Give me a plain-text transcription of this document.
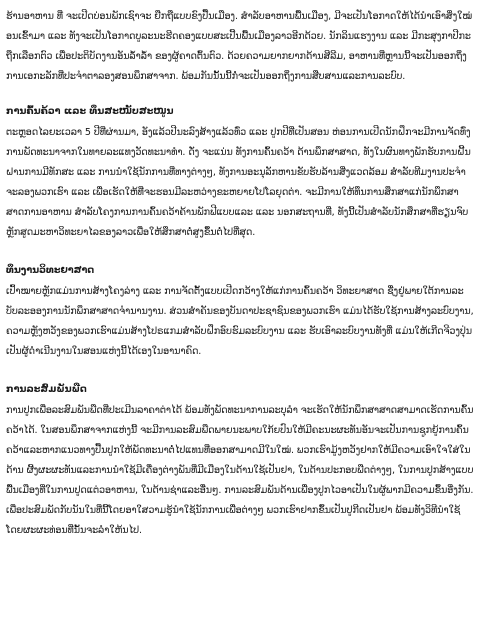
ຮ້ານອາຫານ ທີ່ ຈະເປີດບ່ອນພັກເຊົາຈະ ຍືກຖືແບບຂົງປື້ນເມືອງ. ສຳລັບອາຫານພື້ນເມືອງ, ມີຈະເປັນໂອກາດໃຫ້ໄດ້ນຳເອົາສິ່ງໃໝ່ອນເຂົ້າມາ ແລະ ທັງຈະເປັນໂອກາດບູລະນະຮີດຄອງແບບສະເປີ້ນພື້ນເມືອງລາວອີກດ້ວຍ. ນັກລິນແຮງງານ ແລະ ມີກະສຸງກາປີກະຖືກເລືອກຕົວ ເພື່ອປະຕິບັດງານອັນລ້ຳລ້ຳ ຂອງຜູ້ຄາດຕົ້ນຕົວ. ດ້ວຍຄວາມຍາກຍາກດ້ານສີລີມ, ອາຫານທີ່ຫຼານນີ້ຈະເປັນອອກຖິ່ງການເອກະລັກທີ່ປະຈຳຕາລອງສອນພຶກສາຈາກ. ພ້ອມກັນນັ້ນນີ້ກໍ່ຈະເປັນອອກຖິ່ງການສືບສານແລະການລະບົບ.

ການຄົ້ນຄ້ວາ ແລະ ທຶນສະໜັບສະໜູນ

ຕະຫຼອດໄລຍະເວລາ 5 ປີທີ່ຜ່ານມາ, ອັງແລ້ວປີນະລົງສ້າງແລ້ວທົ່ວ ແລະ ປູກປີທີ່ເປັນສອນ ຫ່ອນການເປີດນັກຝຶກຈະມີການຈັດທົ່ງການພັດທະນາຈາກໃນທາຍລະແທງວັດທະນາທຳ. ດັ່ງ ຈະແນ່ນ ທັງການຄົ້ນຄວ້າ ດ້ານພຶກສາສາດ, ທັງໃນຜົນທາງພັກຮັບການຝີ້ນຝານການມີທັກສະ ແລະ ການນຳໃຊ້ນັກການທີ່ທາງຕ່າງໆ, ທັງການອະນຸລັກຫານຂັບຮັບລ້ານສີ່ງແວດລ້ອມ ສຳລັບທີມງານປະຈຳຈະລອງພວກເຮົາ ແລະ ເພື່ອເຮັດໃຫ້ທີ່ຈະຮອນມີລະຫວ່າງຂະຫຍາຍໂປໂລຍຸດຕ່າ. ຈະມີການໃຫ້ທຶນການສຶກສາແກ່ນັກພຶກສາສາດການອາຫານ ສຳລັບໂຄງການການຄົ້ນຄວ້າຄ້ານພັກຟີແບບແລະ ແລະ ນອກສະຖານທີ່, ທັງນີ້ເປັນສຳລັບນັກສຶກສາທີ່ຮຽນຈົບຫຼັກສູດມະຫາວິທະຍາໄລຂອງລາວເພື່ອໃຫ້ສຶກສາຕໍ່ສູງຂຶ້ນຕໍ່ໄປທີ່ສຸດ.

ທຶນງານວິທະຍາສາດ

ເປົ້າໝາຍຫຼັກແມ່ນການສ້າງໂຄງລ່າງ ແລະ ການຈັດຕັ້ງແບບເປີດກວ້າງໃຫ້ແກ່ການຄົ້ນຄວ້າ ວິທະຍາສາດ ຊື່ງຢູ່ພາຍໃຕ້ການລະບັບລະອອງການນັກພຶກສາສາດຈຳນານງານ. ສ່ວນສຳຄັນຂອງບັນດາປະຊາຊົນຂອງພວກເຮົາ ແມ່ນໄດ້ຮັບໃຊ້ການສ້າງລະບົບງານ, ຄວາມຫຼັງຫວັງຂອງພວກເຮົາແມ່ນສ້າງໂປຣແກມສຳລັບຝຶກອົບຮົມລະບົບງານ ແລະ ຮັບເອົາລະບົບງານທັງທີ່ ແມ່ນໃຫ້ເກີດຈີວງປຸ່ນເປັນຜູ້ດຳເນີນງານໃນສອນແຫ່ງນີ້ໄດ້ເອງໃນອານາຄົດ.

ການລະສົມພັນພືດ

ການປູກເພື່ອລະສົມພັນພືດທີ່ປະເມີນລາຄາຕ່າໄດ້ ພ້ອມທັງພັດທະນາການລະບຸລຳ ຈະເຮັດໃຫ້ນັກພຶກສາສາດສາມາດເຮັດການຄົ້ນຄວ້າໄດ້. ໃນສອນພຶກສາຈາກແຫ່ງນີ້ ຈະມີການລະສົມພືດພາຍນະພາບໃກ້ຍປົນໃຫ້ມີຄະນະຜະທັນອັນຈະເປັນການຊູກຍູ້ການຄົ້ນຄວ້າແລະຫາກແນວທາງປື້ນປູກໃຫ້ພັດທະນາຕໍ່ໄປແທນທີ່ອອກສາມາດມີໃນໃໝ່. ພວກເຮົາມູ້ງຫວັງຢາກໃຫ້ມີຄວາມເອົາໃຈໃສ່ໃນດ້ານ ຜີ້ງຜະຜະທັນແລະການນຳໃຊ້ມີເຄື່ອງຕ່າງພັນທີ່ມີເມືອງໃນດ້ານໃຊ້ເປັນຢາ, ໃນດ້ານປະກອບພືດຕ່າງໆ, ໃນການປູກສ້າງແບບພື້ນເມືອງທີ່ໃນການປູດແຕ່ວອາຫານ, ໃນດ້ານຊ່າແລະອື່ນໆ. ການລະສົມພັນດ້ານເພື່ອງປູກໄວອາເປັນໃນຜູ້ພາກມີຄວາມຂຶ້ນອີ່ງກັນ. ເພື່ອປະສົມພັດກັບນັນໃນທີ່ນີ້ໂດຍອາໃສວາມຮູ້ນຳໃຊ້ນັກການເພື່ອຕ່າງໆ ພວກເຮົາຢາກຂຶ້ນເປັນປູກີດເປັນຢາ ພ້ອມທັງວິທີນຳໃຊ້ໂດຍຜະຜະທ່ອນທີ່ນັ້ນຈະລຳໃຫ້ນໄປ.
